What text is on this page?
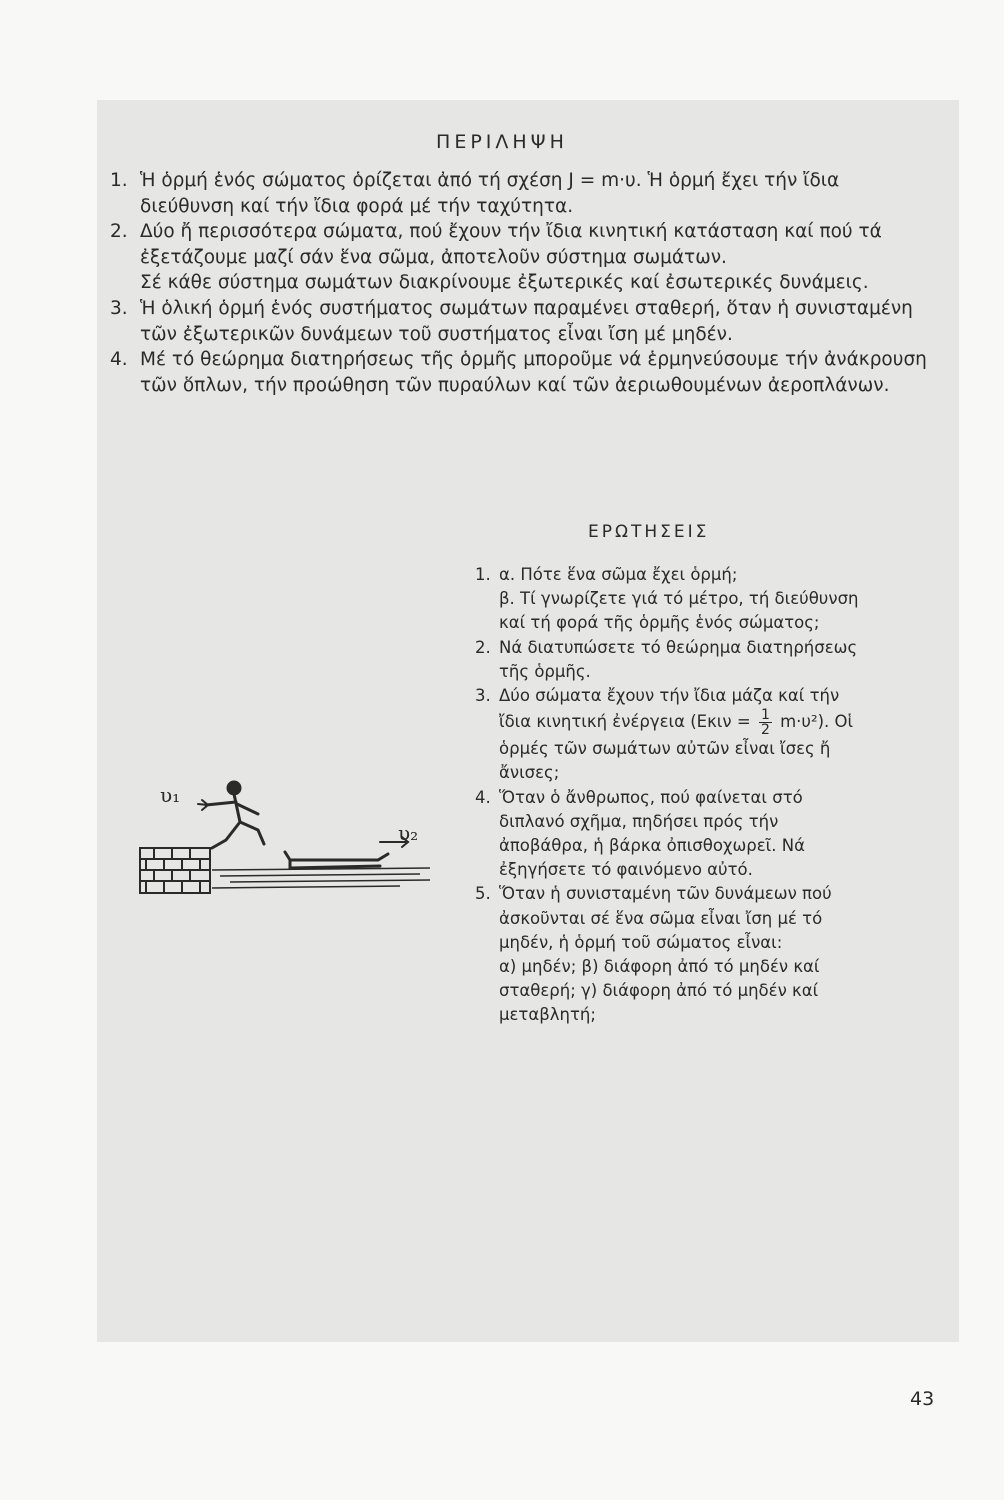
ΠΕΡΙΛΗΨΗ
1. Ἡ ὁρμή ἑνός σώματος ὁρίζεται ἀπό τή σχέση J = m·υ. Ἡ ὁρμή ἔχει τήν ἴδια διεύθυνση καί τήν ἴδια φορά μέ τήν ταχύτητα.
2. Δύο ἤ περισσότερα σώματα, πού ἔχουν τήν ἴδια κινητική κατάσταση καί πού τά ἐξετάζουμε μαζί σάν ἕνα σῶμα, ἀποτελοῦν σύστημα σωμάτων.
Σέ κάθε σύστημα σωμάτων διακρίνουμε ἐξωτερικές καί ἐσωτερικές δυνάμεις.
3. Ἡ ὁλική ὁρμή ἑνός συστήματος σωμάτων παραμένει σταθερή, ὅταν ἡ συνισταμένη τῶν ἐξωτερικῶν δυνάμεων τοῦ συστήματος εἶναι ἴση μέ μηδέν.
4. Μέ τό θεώρημα διατηρήσεως τῆς ὁρμῆς μποροῦμε νά ἑρμηνεύσουμε τήν ἀνάκρουση τῶν ὅπλων, τήν προώθηση τῶν πυραύλων καί τῶν ἀεριωθουμένων ἀεροπλάνων.
ΕΡΩΤΗΣΕΙΣ
1. α. Πότε ἕνα σῶμα ἔχει ὁρμή;
β. Τί γνωρίζετε γιά τό μέτρο, τή διεύθυνση καί τή φορά τῆς ὁρμῆς ἑνός σώματος;
2. Νά διατυπώσετε τό θεώρημα διατηρήσεως τῆς ὁρμῆς.
3. Δύο σώματα ἔχουν τήν ἴδια μάζα καί τήν
ἴδια κινητική ἐνέργεια $(E\kappa\iota\nu = \frac{1}{2} m\cdot\upsilon^2)$. Οἱ
ὁρμές τῶν σωμάτων αὐτῶν εἶναι ἴσες ἤ ἄνισες;
4. Ὅταν ὁ ἄνθρωπος, πού φαίνεται στό διπλανό σχῆμα, πηδήσει πρός τήν ἀποβάθρα, ἡ βάρκα ὀπισθοχωρεῖ. Νά ἐξηγήσετε τό φαινόμενο αὐτό.
5. Ὅταν ἡ συνισταμένη τῶν δυνάμεων πού ἀσκοῦνται σέ ἕνα σῶμα εἶναι ἴση μέ τό μηδέν, ἡ ὁρμή τοῦ σώματος εἶναι:
α) μηδέν; β) διάφορη ἀπό τό μηδέν καί σταθερή; γ) διάφορη ἀπό τό μηδέν καί μεταβλητή;
υ₁
υ₂
43
